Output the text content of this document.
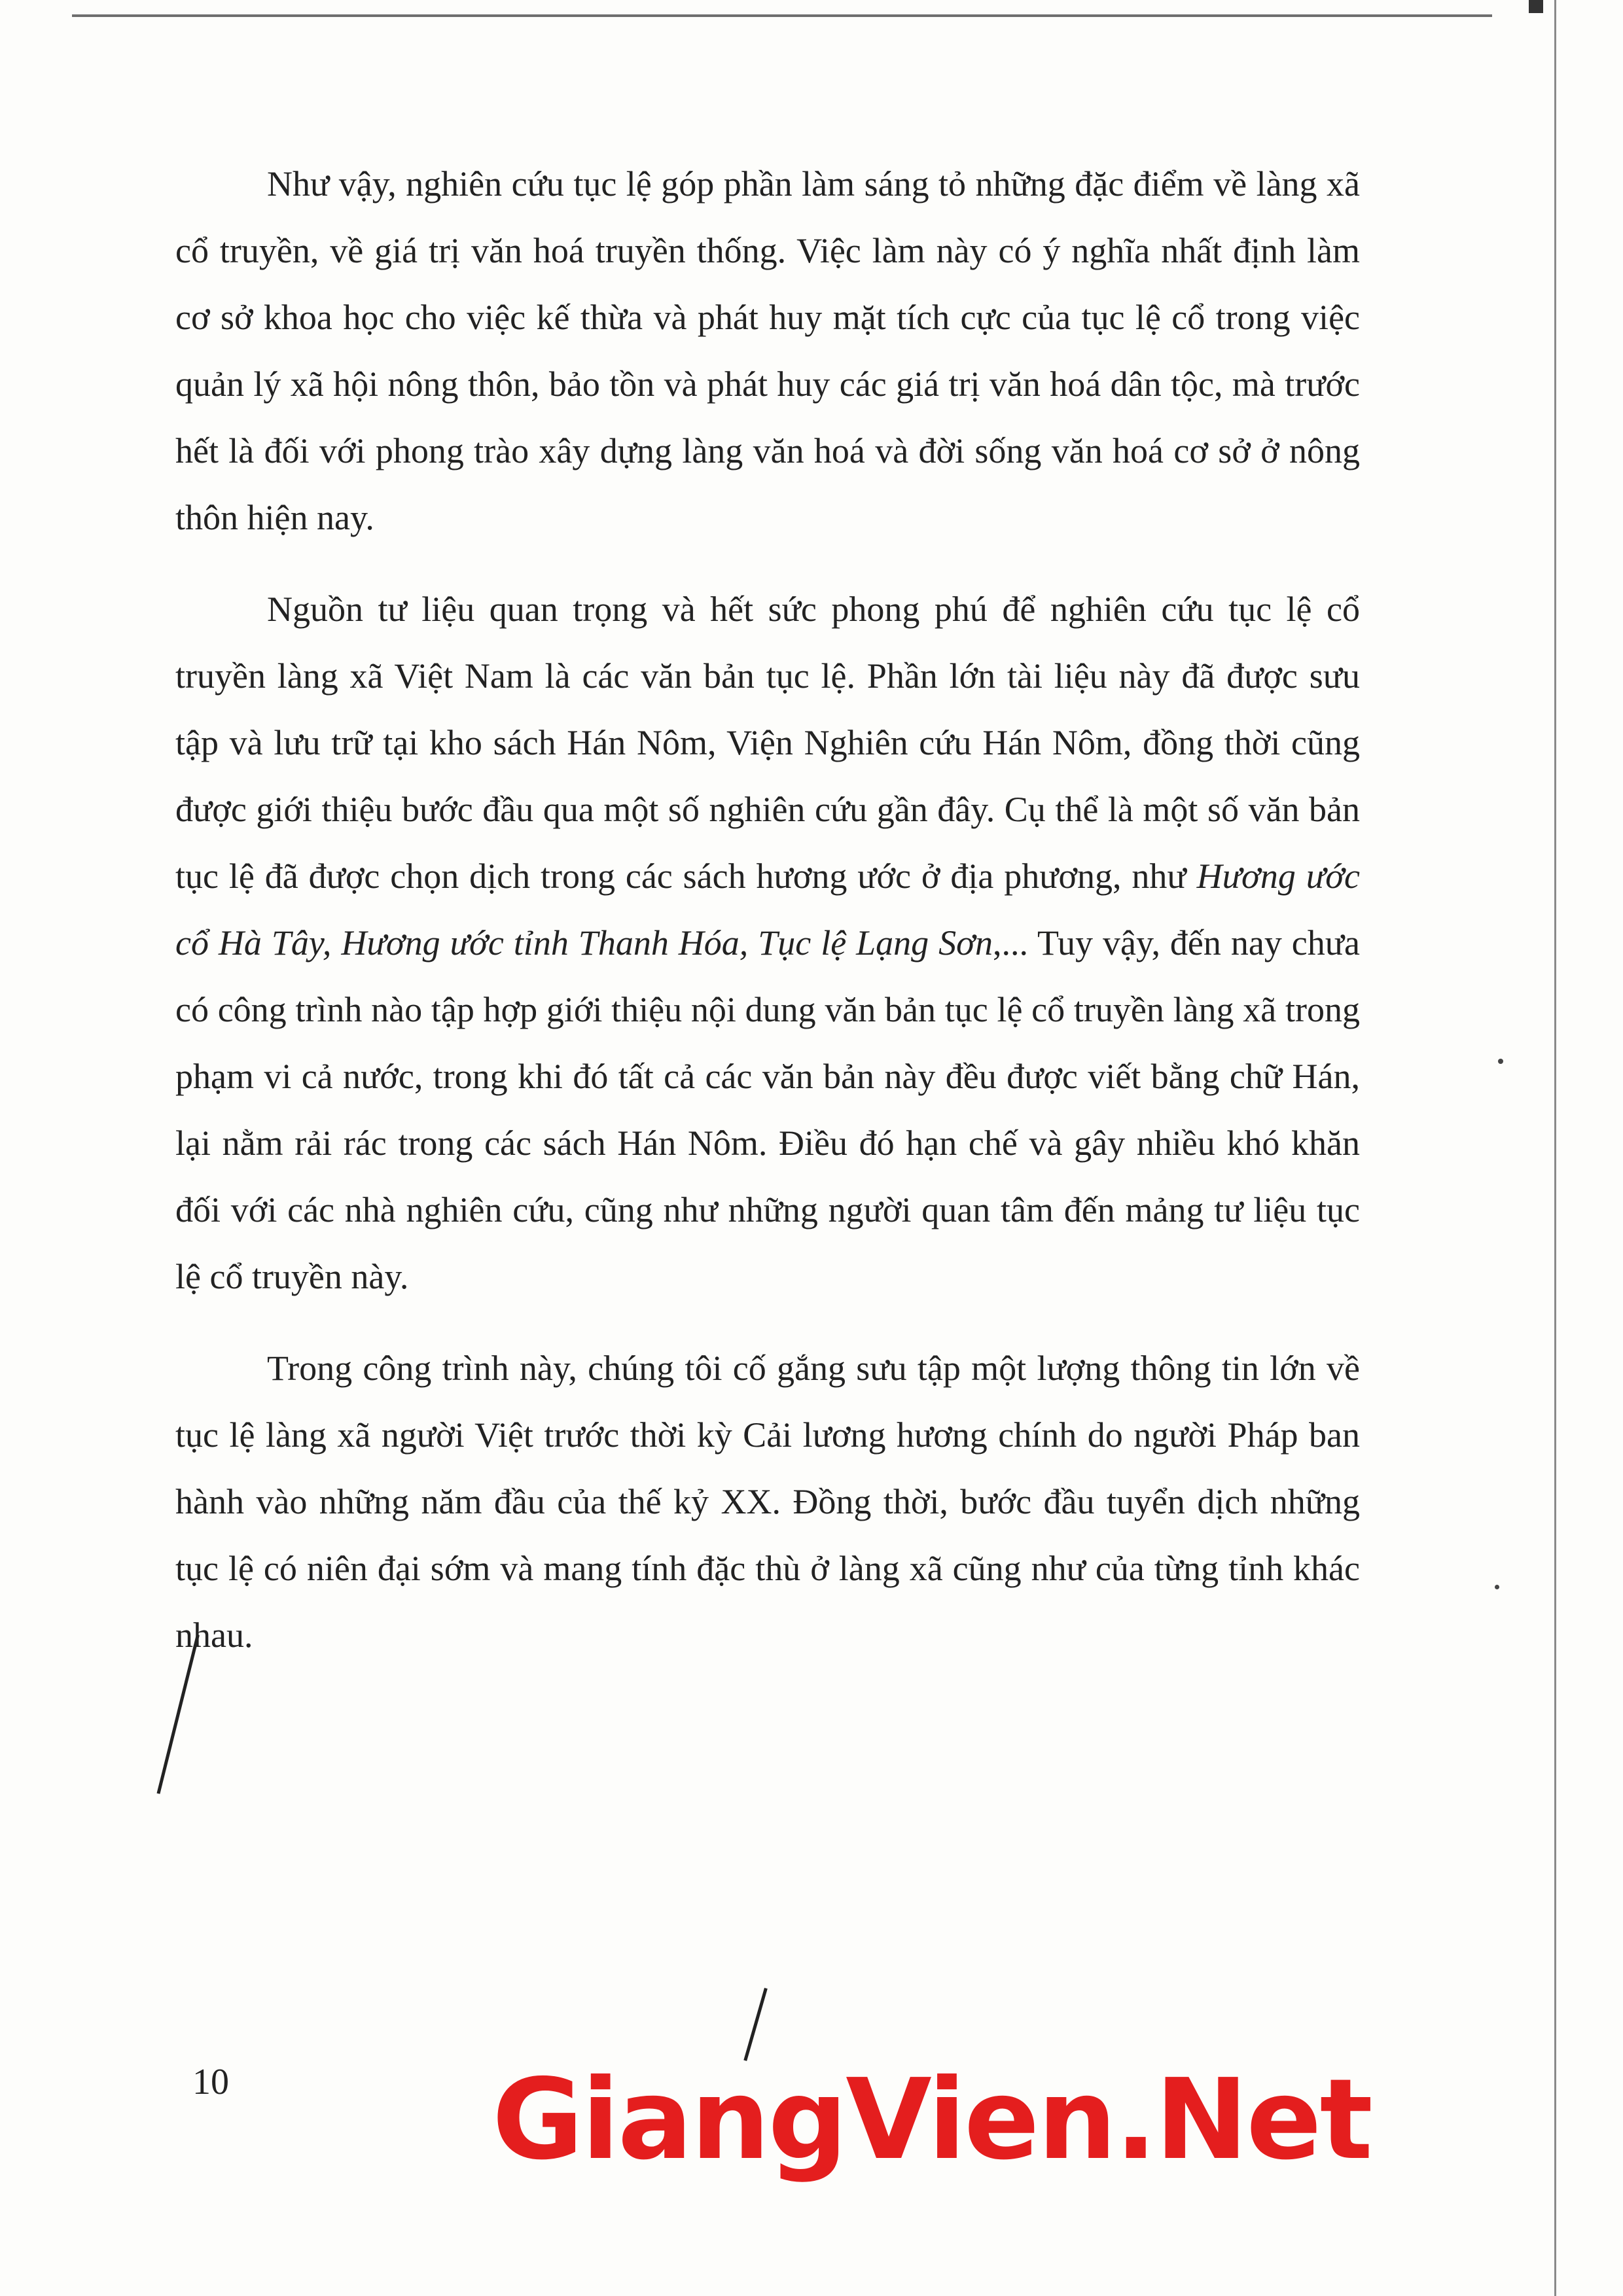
Như vậy, nghiên cứu tục lệ góp phần làm sáng tỏ những đặc điểm về làng xã cổ truyền, về giá trị văn hoá truyền thống. Việc làm này có ý nghĩa nhất định làm cơ sở khoa học cho việc kế thừa và phát huy mặt tích cực của tục lệ cổ trong việc quản lý xã hội nông thôn, bảo tồn và phát huy các giá trị văn hoá dân tộc, mà trước hết là đối với phong trào xây dựng làng văn hoá và đời sống văn hoá cơ sở ở nông thôn hiện nay.

Nguồn tư liệu quan trọng và hết sức phong phú để nghiên cứu tục lệ cổ truyền làng xã Việt Nam là các văn bản tục lệ. Phần lớn tài liệu này đã được sưu tập và lưu trữ tại kho sách Hán Nôm, Viện Nghiên cứu Hán Nôm, đồng thời cũng được giới thiệu bước đầu qua một số nghiên cứu gần đây. Cụ thể là một số văn bản tục lệ đã được chọn dịch trong các sách hương ước ở địa phương, như Hương ước cổ Hà Tây, Hương ước tỉnh Thanh Hóa, Tục lệ Lạng Sơn,... Tuy vậy, đến nay chưa có công trình nào tập hợp giới thiệu nội dung văn bản tục lệ cổ truyền làng xã trong phạm vi cả nước, trong khi đó tất cả các văn bản này đều được viết bằng chữ Hán, lại nằm rải rác trong các sách Hán Nôm. Điều đó hạn chế và gây nhiều khó khăn đối với các nhà nghiên cứu, cũng như những người quan tâm đến mảng tư liệu tục lệ cổ truyền này.

Trong công trình này, chúng tôi cố gắng sưu tập một lượng thông tin lớn về tục lệ làng xã người Việt trước thời kỳ Cải lương hương chính do người Pháp ban hành vào những năm đầu của thế kỷ XX. Đồng thời, bước đầu tuyển dịch những tục lệ có niên đại sớm và mang tính đặc thù ở làng xã cũng như của từng tỉnh khác nhau.

10 GiangVien.Net
